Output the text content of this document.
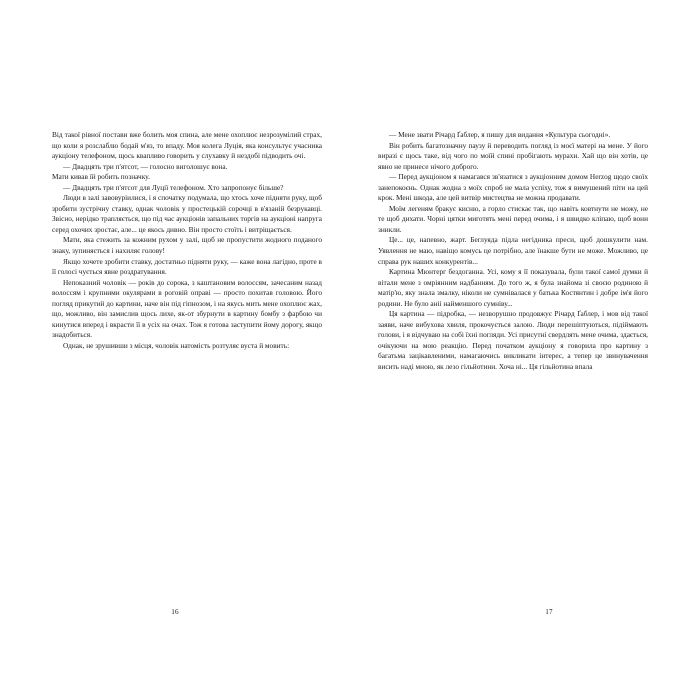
Від такої рівної постави вже болить моя спина, але мене охоплює незрозумілий страх, що коли я розслаблю бодай м'яз, то впаду. Моя колега Луція, яка консультує учасника аукціону телефоном, щось квапливо говорить у слухавку й нездобі підводить очі.

— Двадцять три п'ятсот, — голосно виголошує вона.

Мати кивав їй робить позначку.

— Двадцять три п'ятсот для Луції телефоном. Хто запропонує більше?

Люди в залі завовуріилися, і я спочатку подумала, що хтось хоче підняти руку, щоб зробити зустрічну ставку, однак чоловік у простецькій сорочці в в'язаній безрукавці. Звісно, нерідко трапляється, що під час аукціонів запальних торгів на аукціоні напруга серед охочих зростає, але... це якось дивно. Він просто стоїть і витріщається.

Мати, яка стежить за кожним рухом у залі, щоб не пропустити жодного поданого знаку, зупиняється і нахиляє голову!

Якщо хочете зробити ставку, достатньо підняти руку, — каже вона лагідно, проте в її голосі чується явне роздратування.

Непоказний чоловік — років до сорока, з каштановим волоссям, зачесаним назад волоссям і крупними окулярами в роговій оправі — просто похитав головою. Його погляд прикутий до картини, наче він під гіпнозом, і на якусь мить мене охоплює жах, що, можливо, він замислив щось лихе, як-от збурнути в картину бомбу з фарбою чи кинутися вперед і вкрасти її в усіх на очах. Тож я готова заступити йому дорогу, якщо знадобиться.

Однак, не зрушивши з місця, чоловік натомість розтуляє вуста й мовить:

16

— Мене звати Річард Ґаблер, я пишу для видання «Культура сьогодні».

Він робить багатозначну паузу й переводить погляд із моєї матері на мене. У його виразі є щось таке, від чого по моїй спині пробігають мурахи. Хай що він хотів, це явно не принесе нічого доброго.

— Перед аукціоном я намагався зв'язатися з аукціонним домом Herzog щодо своїх занепокоєнь. Однак жодна з моїх спроб не мала успіху, тож я вимушений піти на цей крок. Мені шкода, але цей витвір мистецтва не можна продавати.

Моїм легеням бракує кисню, а горло стискає так, що навіть ковтнути не можу, не те щоб дихати. Чорні цятки миготять мені перед очима, і я швидко кліпаю, щоб вони зникли.

Це... це, напевно, жарт. Беглуяда підла негідника преси, щоб дошкулити нам. Уявлення не маю, навіщо комусь це потрібно, але їнакше бути не може. Можливо, це справа рук наших конкурентів...

Картина Мюнтерг бездоганна. Усі, кому я її показувала, були такої самої думки й вітали мене з омріянним надбанням. До того ж, я була знайома зі своєю родиною й матір'ю, яку знала змалку, ніколи не сумнівалася у батька Костянтин і добре ім'я його родини. Не було аніі найменшого сумніву...

Ця картина — підробка, — незворушно продовжує Річард Ґаблер, і мов від такої заяви, наче вибухова хвиля, прокочується залою. Люди перешіптуються, підіймають голови, і я відчуваю на собі їхні погляди. Усі присутні свердлять мене очима, здається, очікуючи на мою реакцію. Перед початком аукціону я говорила про картину з багатьма зацікавленими, намагаючись викликати інтерес, а тепер це звинувачення висить наді мною, як лезо гільйотини. Хоча ні... Ця гільйотина впала

17
